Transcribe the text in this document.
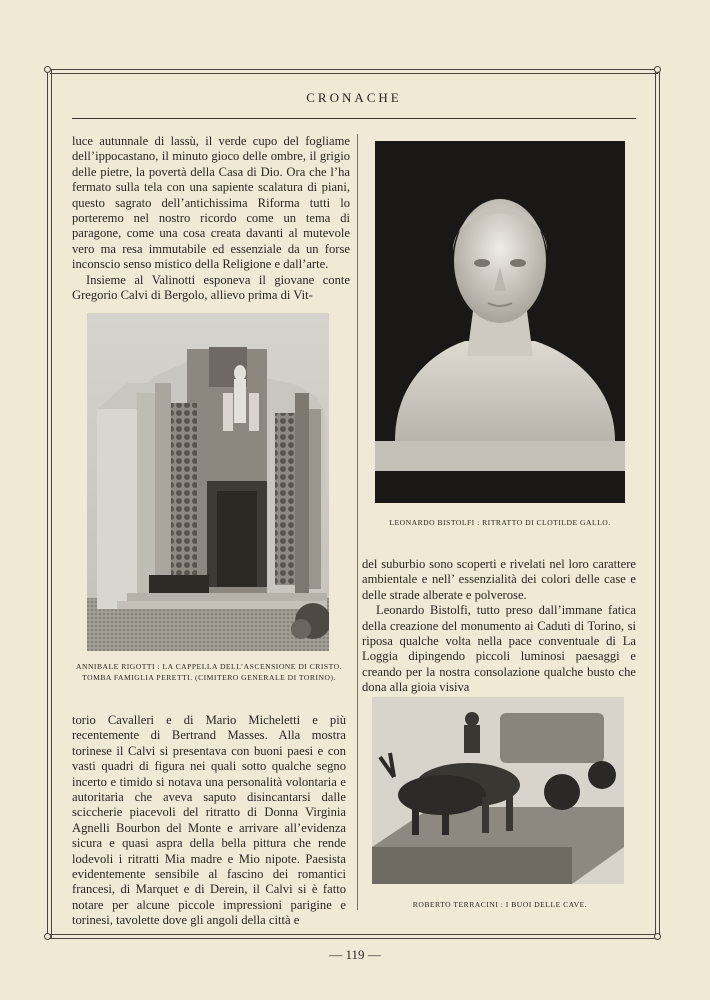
CRONACHE

luce autunnale di lassù, il verde cupo del fogliame dell’ippocastano, il minuto gioco delle ombre, il grigio delle pietre, la povertà della Casa di Dio. Ora che l’ha fermato sulla tela con una sapiente scalatura di piani, questo sagrato dell’antichissima Riforma tutti lo porteremo nel nostro ricordo come un tema di paragone, come una cosa creata davanti al mutevole vero ma resa immutabile ed essenziale da un forse inconscio senso mistico della Religione e dall’arte.

Insieme al Valinotti esponeva il giovane conte Gregorio Calvi di Bergolo, allievo prima di Vit-

ANNIBALE RIGOTTI : LA CAPPELLA DELL’ASCENSIONE DI CRISTO.
TOMBA FAMIGLIA PERETTI. (CIMITERO GENERALE DI TORINO).
torio Cavalleri e di Mario Micheletti e più recentemente di Bertrand Masses. Alla mostra torinese il Calvi si presentava con buoni paesi e con vasti quadri di figura nei quali sotto qualche segno incerto e timido si notava una personalità volontaria e autoritaria che aveva saputo disincantarsi dalle sciccherie piacevoli del ritratto di Donna Virginia Agnelli Bourbon del Monte e arrivare all’evidenza sicura e quasi aspra della bella pittura che rende lodevoli i ritratti Mia madre e Mio nipote. Paesista evidentemente sensibile al fascino dei romantici francesi, di Marquet e di Derein, il Calvi si è fatto notare per alcune piccole impressioni parigine e torinesi, tavolette dove gli angoli della città e
LEONARDO BISTOLFI : RITRATTO DI CLOTILDE GALLO.

del suburbio sono scoperti e rivelati nel loro carattere ambientale e nell’ essenzialità dei colori delle case e delle strade alberate e polverose.

Leonardo Bistolfi, tutto preso dall’immane fatica della creazione del monumento ai Caduti di Torino, si riposa qualche volta nella pace conventuale di La Loggia dipingendo piccoli luminosi paesaggi e creando per la nostra consolazione qualche busto che dona alla gioia visiva

ROBERTO TERRACINI : I BUOI DELLE CAVE.
— 119 —
